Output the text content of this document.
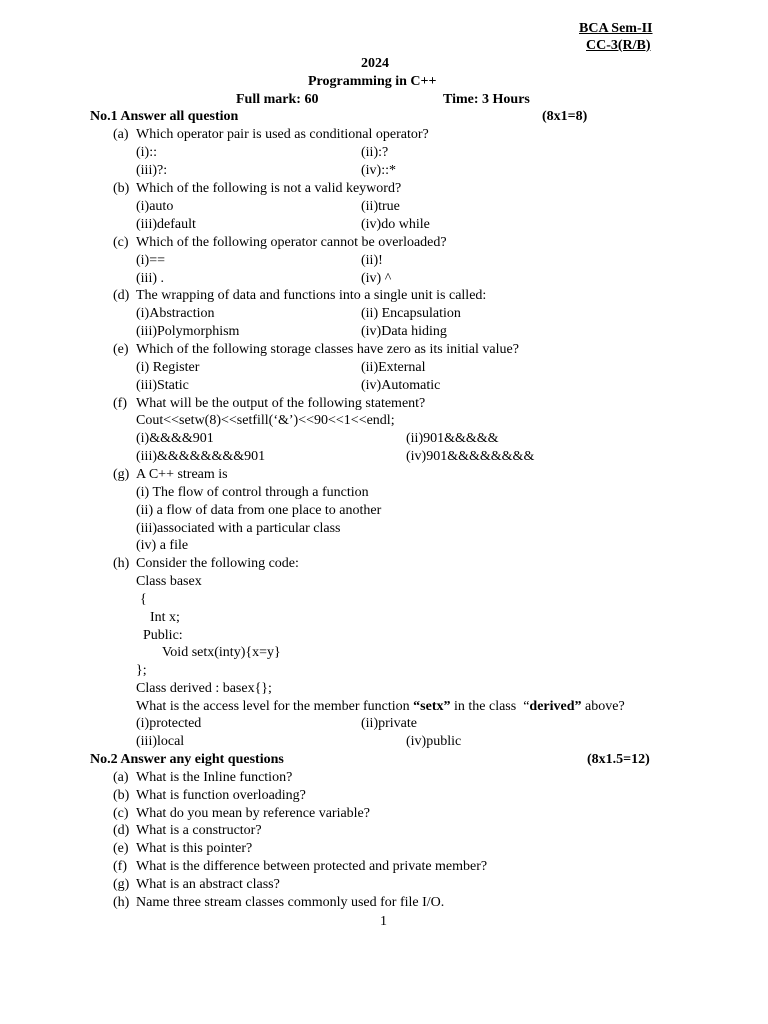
BCA Sem-II
CC-3(R/B)
2024
Programming in C++
Full mark: 60	Time: 3 Hours
No.1 Answer all question	(8x1=8)
(a) Which operator pair is used as conditional operator?
(i)::	(ii):?
(iii)?:	(iv)::*
(b) Which of the following is not a valid keyword?
(i)auto	(ii)true
(iii)default	(iv)do while
(c) Which of the following operator cannot be overloaded?
(i)==	(ii)!
(iii) .	(iv) ^
(d) The wrapping of data and functions into a single unit is called:
(i)Abstraction	(ii) Encapsulation
(iii)Polymorphism	(iv)Data hiding
(e) Which of the following storage classes have zero as its initial value?
(i) Register	(ii)External
(iii)Static	(iv)Automatic
(f) What will be the output of the following statement?
Cout<<setw(8)<<setfill(‘&’)<<90<<1<<endl;
(i)&&&&901	(ii)901&&&&&
(iii)&&&&&&&&901	(iv)901&&&&&&&&
(g) A C++ stream is
(i) The flow of control through a function
(ii) a flow of data from one place to another
(iii)associated with a particular class
(iv) a file
(h) Consider the following code:
Class basex
{
Int x;
Public:
Void setx(inty){x=y}
};
Class derived : basex{};
What is the access level for the member function “setx” in the class  “derived” above?
(i)protected	(ii)private
(iii)local	(iv)public
No.2 Answer any eight questions	(8x1.5=12)
(a) What is the Inline function?
(b) What is function overloading?
(c) What do you mean by reference variable?
(d) What is a constructor?
(e) What is this pointer?
(f) What is the difference between protected and private member?
(g) What is an abstract class?
(h) Name three stream classes commonly used for file I/O.
1
